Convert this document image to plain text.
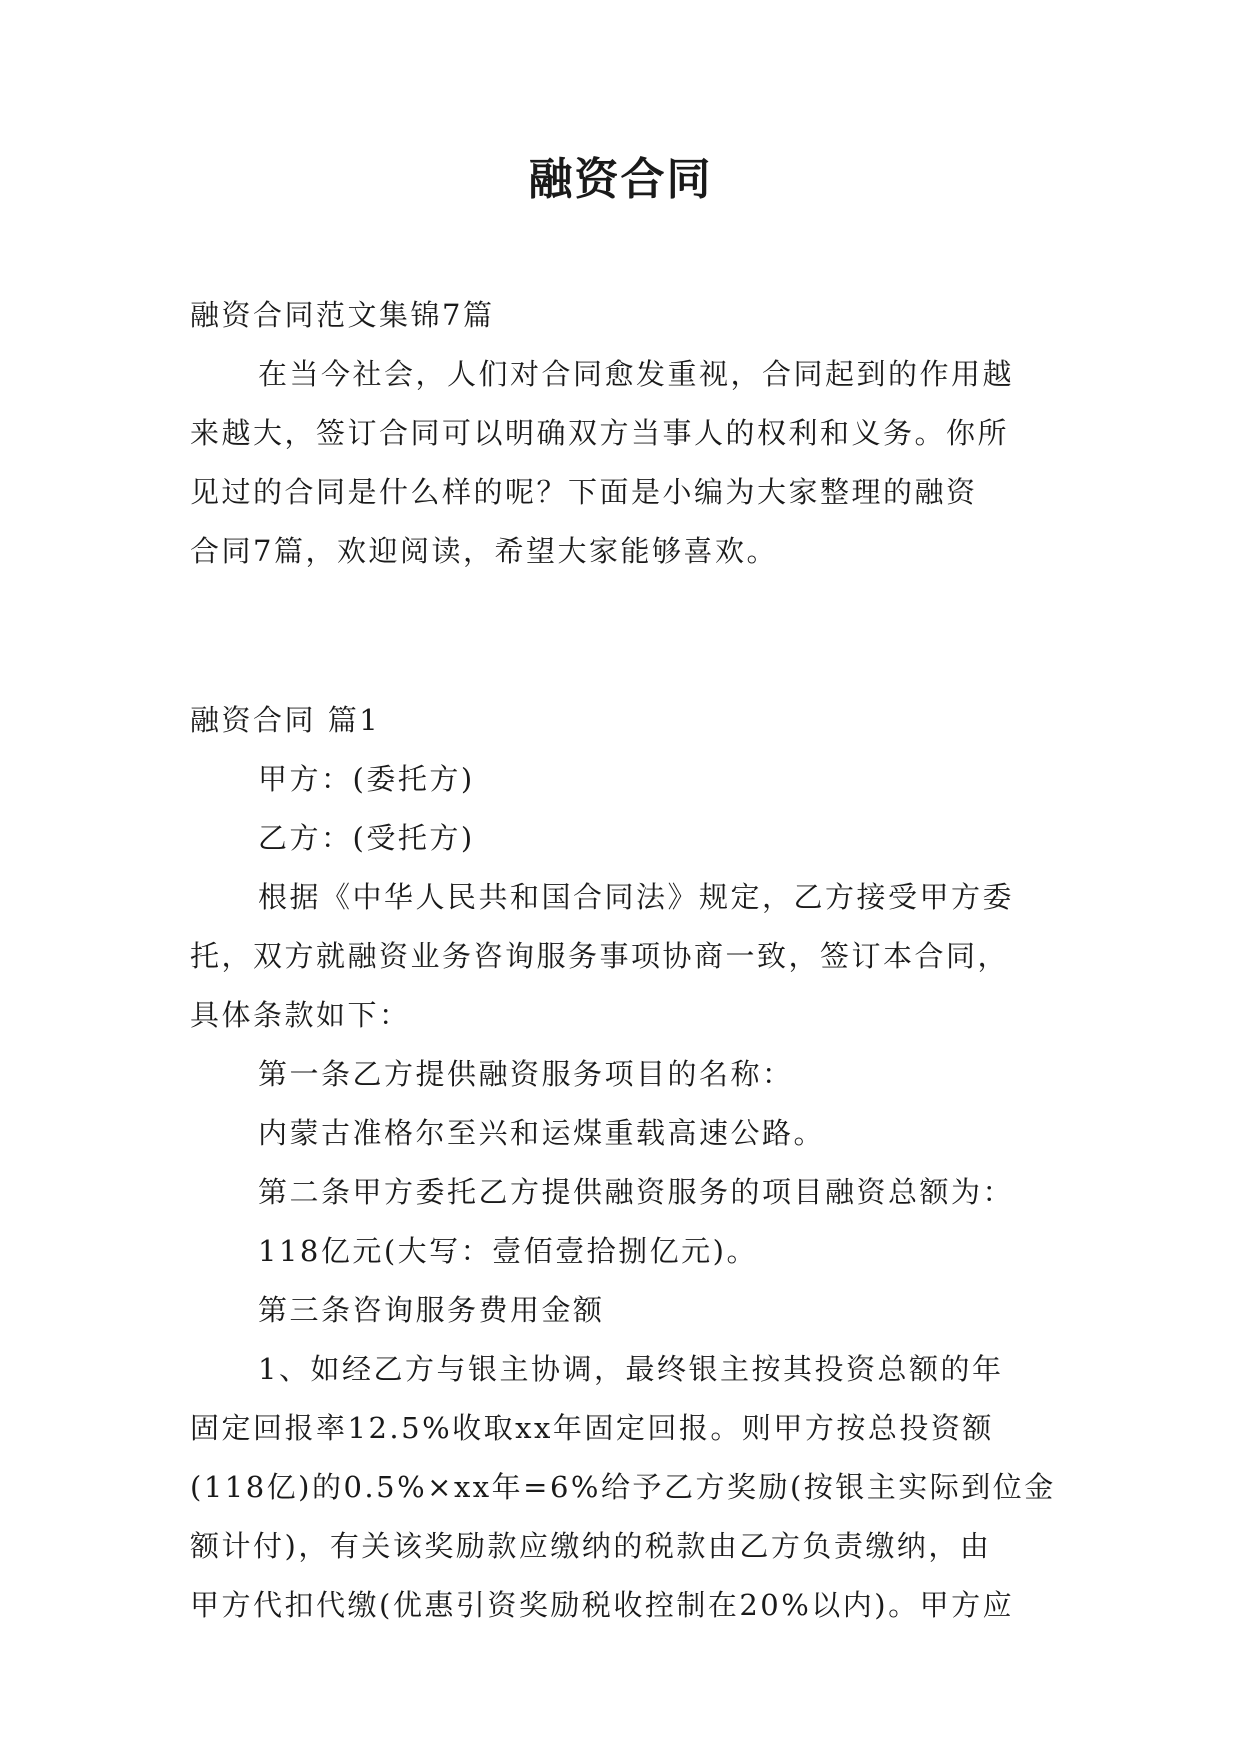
融资合同
融资合同范文集锦7篇
在当今社会，人们对合同愈发重视，合同起到的作用越
来越大，签订合同可以明确双方当事人的权利和义务。你所
见过的合同是什么样的呢？下面是小编为大家整理的融资
合同7篇，欢迎阅读，希望大家能够喜欢。
融资合同 篇1
甲方：(委托方)
乙方：(受托方)
根据《中华人民共和国合同法》规定，乙方接受甲方委
托，双方就融资业务咨询服务事项协商一致，签订本合同，
具体条款如下：
第一条乙方提供融资服务项目的名称：
内蒙古准格尔至兴和运煤重载高速公路。
第二条甲方委托乙方提供融资服务的项目融资总额为：
118亿元(大写：壹佰壹拾捌亿元)。
第三条咨询服务费用金额
1、如经乙方与银主协调，最终银主按其投资总额的年
固定回报率12.5%收取xx年固定回报。则甲方按总投资额
(118亿)的0.5%×xx年=6%给予乙方奖励(按银主实际到位金
额计付)，有关该奖励款应缴纳的税款由乙方负责缴纳，由
甲方代扣代缴(优惠引资奖励税收控制在20%以内)。甲方应
